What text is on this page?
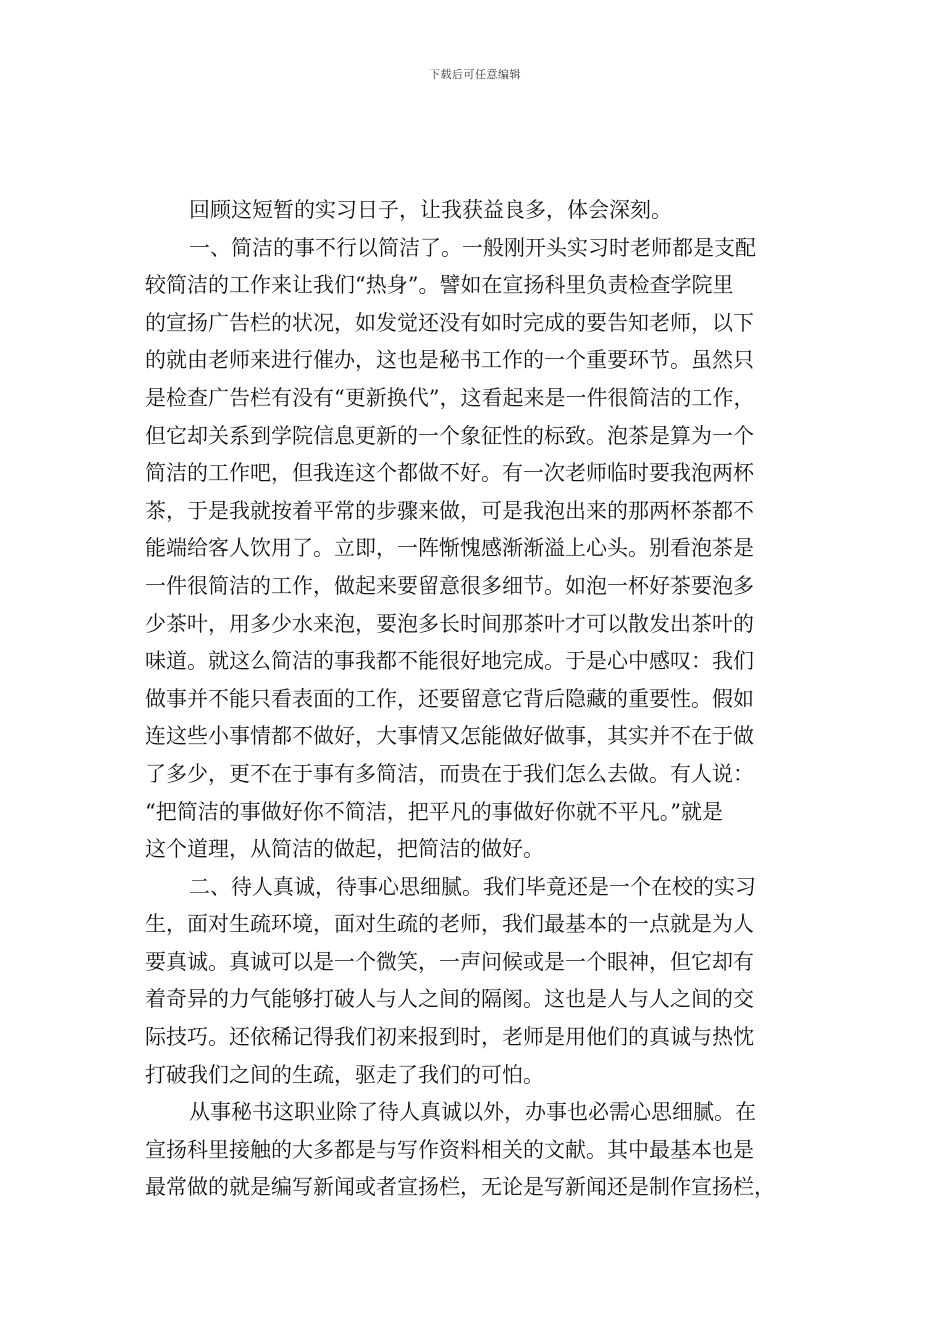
下载后可任意编辑
回顾这短暂的实习日子，让我获益良多，体会深刻。
一、简洁的事不行以简洁了。一般刚开头实习时老师都是支配
较简洁的工作来让我们“热身”。譬如在宣扬科里负责检查学院里
的宣扬广告栏的状况，如发觉还没有如时完成的要告知老师，以下
的就由老师来进行催办，这也是秘书工作的一个重要环节。虽然只
是检查广告栏有没有“更新换代”，这看起来是一件很简洁的工作，
但它却关系到学院信息更新的一个象征性的标致。泡茶是算为一个
简洁的工作吧，但我连这个都做不好。有一次老师临时要我泡两杯
茶，于是我就按着平常的步骤来做，可是我泡出来的那两杯茶都不
能端给客人饮用了。立即，一阵惭愧感渐渐溢上心头。别看泡茶是
一件很简洁的工作，做起来要留意很多细节。如泡一杯好茶要泡多
少茶叶，用多少水来泡，要泡多长时间那茶叶才可以散发出茶叶的
味道。就这么简洁的事我都不能很好地完成。于是心中感叹：我们
做事并不能只看表面的工作，还要留意它背后隐藏的重要性。假如
连这些小事情都不做好，大事情又怎能做好做事，其实并不在于做
了多少，更不在于事有多简洁，而贵在于我们怎么去做。有人说：
“把简洁的事做好你不简洁，把平凡的事做好你就不平凡。”就是
这个道理，从简洁的做起，把简洁的做好。
二、待人真诚，待事心思细腻。我们毕竟还是一个在校的实习
生，面对生疏环境，面对生疏的老师，我们最基本的一点就是为人
要真诚。真诚可以是一个微笑，一声问候或是一个眼神，但它却有
着奇异的力气能够打破人与人之间的隔阂。这也是人与人之间的交
际技巧。还依稀记得我们初来报到时，老师是用他们的真诚与热忱
打破我们之间的生疏，驱走了我们的可怕。
从事秘书这职业除了待人真诚以外，办事也必需心思细腻。在
宣扬科里接触的大多都是与写作资料相关的文献。其中最基本也是
最常做的就是编写新闻或者宣扬栏，无论是写新闻还是制作宣扬栏，
